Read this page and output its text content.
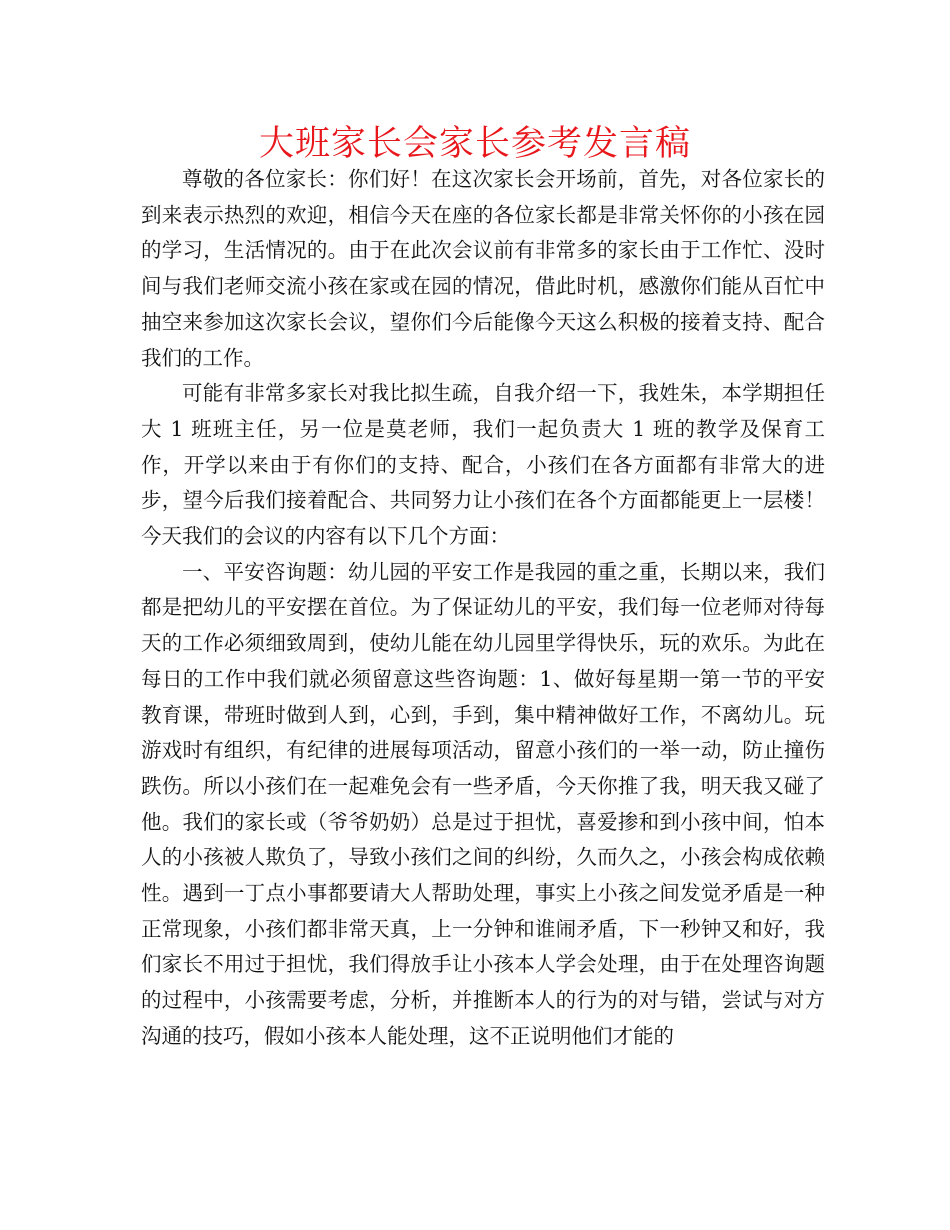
大班家长会家长参考发言稿

尊敬的各位家长：你们好！在这次家长会开场前，首先，对各位家长的到来表示热烈的欢迎，相信今天在座的各位家长都是非常关怀你的小孩在园的学习，生活情况的。由于在此次会议前有非常多的家长由于工作忙、没时间与我们老师交流小孩在家或在园的情况，借此时机，感激你们能从百忙中抽空来参加这次家长会议，望你们今后能像今天这么积极的接着支持、配合我们的工作。

可能有非常多家长对我比拟生疏，自我介绍一下，我姓朱，本学期担任大 1 班班主任，另一位是莫老师，我们一起负责大 1 班的教学及保育工作，开学以来由于有你们的支持、配合，小孩们在各方面都有非常大的进步，望今后我们接着配合、共同努力让小孩们在各个方面都能更上一层楼！今天我们的会议的内容有以下几个方面：

一、平安咨询题：幼儿园的平安工作是我园的重之重，长期以来，我们都是把幼儿的平安摆在首位。为了保证幼儿的平安，我们每一位老师对待每天的工作必须细致周到，使幼儿能在幼儿园里学得快乐，玩的欢乐。为此在每日的工作中我们就必须留意这些咨询题：1、做好每星期一第一节的平安教育课，带班时做到人到，心到，手到，集中精神做好工作，不离幼儿。玩游戏时有组织，有纪律的进展每项活动，留意小孩们的一举一动，防止撞伤跌伤。所以小孩们在一起难免会有一些矛盾，今天你推了我，明天我又碰了他。我们的家长或（爷爷奶奶）总是过于担忧，喜爱掺和到小孩中间，怕本人的小孩被人欺负了，导致小孩们之间的纠纷，久而久之，小孩会构成依赖性。遇到一丁点小事都要请大人帮助处理，事实上小孩之间发觉矛盾是一种正常现象，小孩们都非常天真，上一分钟和谁闹矛盾，下一秒钟又和好，我们家长不用过于担忧，我们得放手让小孩本人学会处理，由于在处理咨询题的过程中，小孩需要考虑，分析，并推断本人的行为的对与错，尝试与对方沟通的技巧，假如小孩本人能处理，这不正说明他们才能的
